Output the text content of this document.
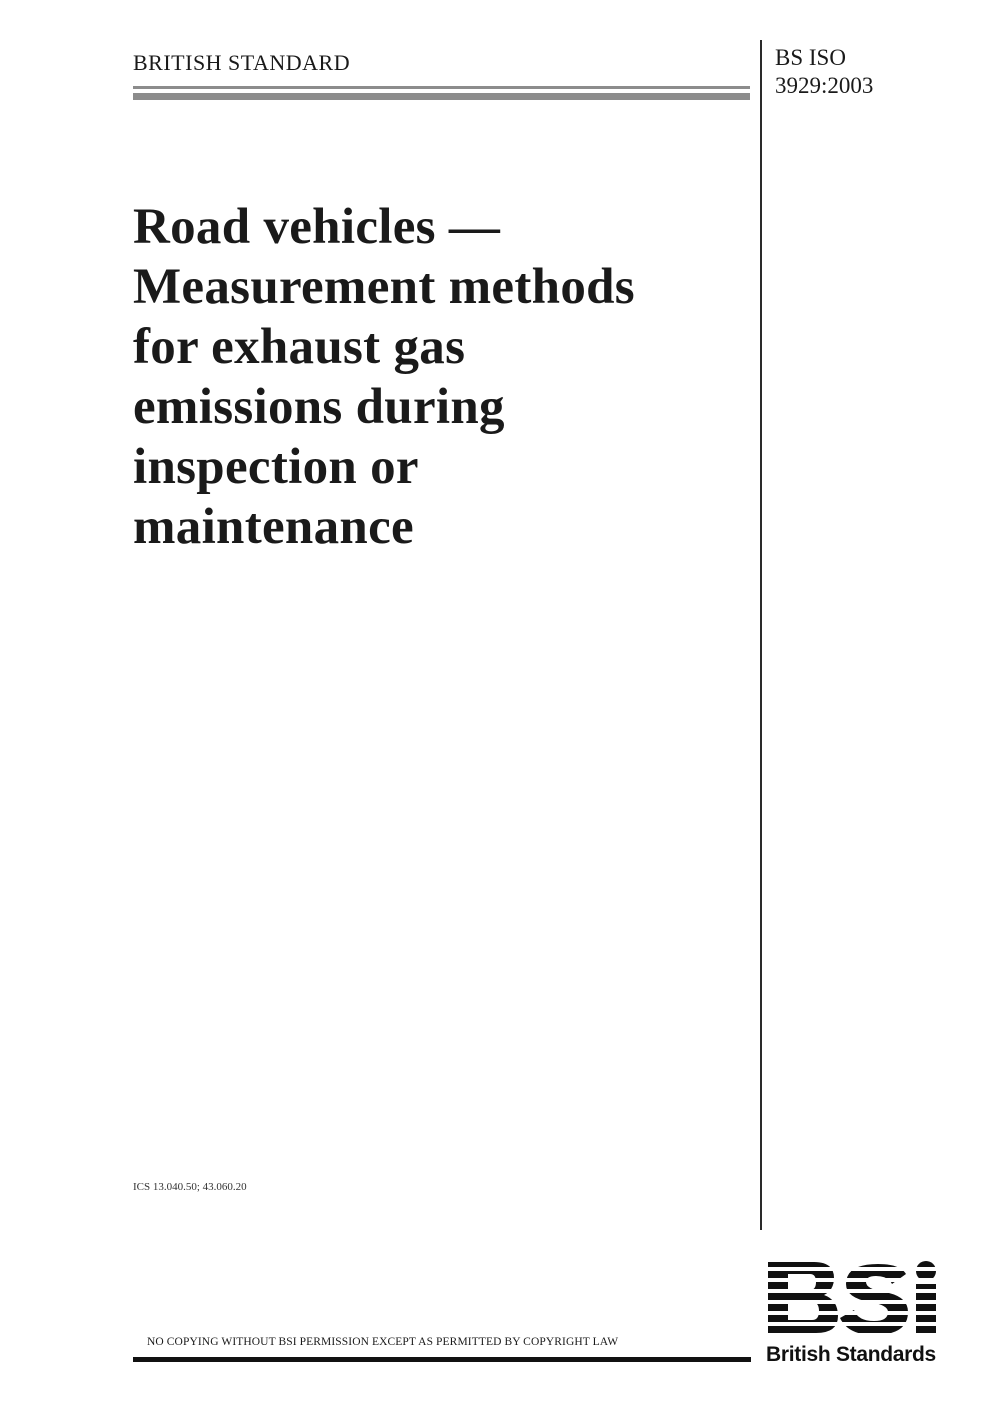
BRITISH STANDARD	BS ISO
3929:2003
Road vehicles —
Measurement methods
for exhaust gas
emissions during
inspection or
maintenance
ICS 13.040.50; 43.060.20
NO COPYING WITHOUT BSI PERMISSION EXCEPT AS PERMITTED BY COPYRIGHT LAW
British Standards
